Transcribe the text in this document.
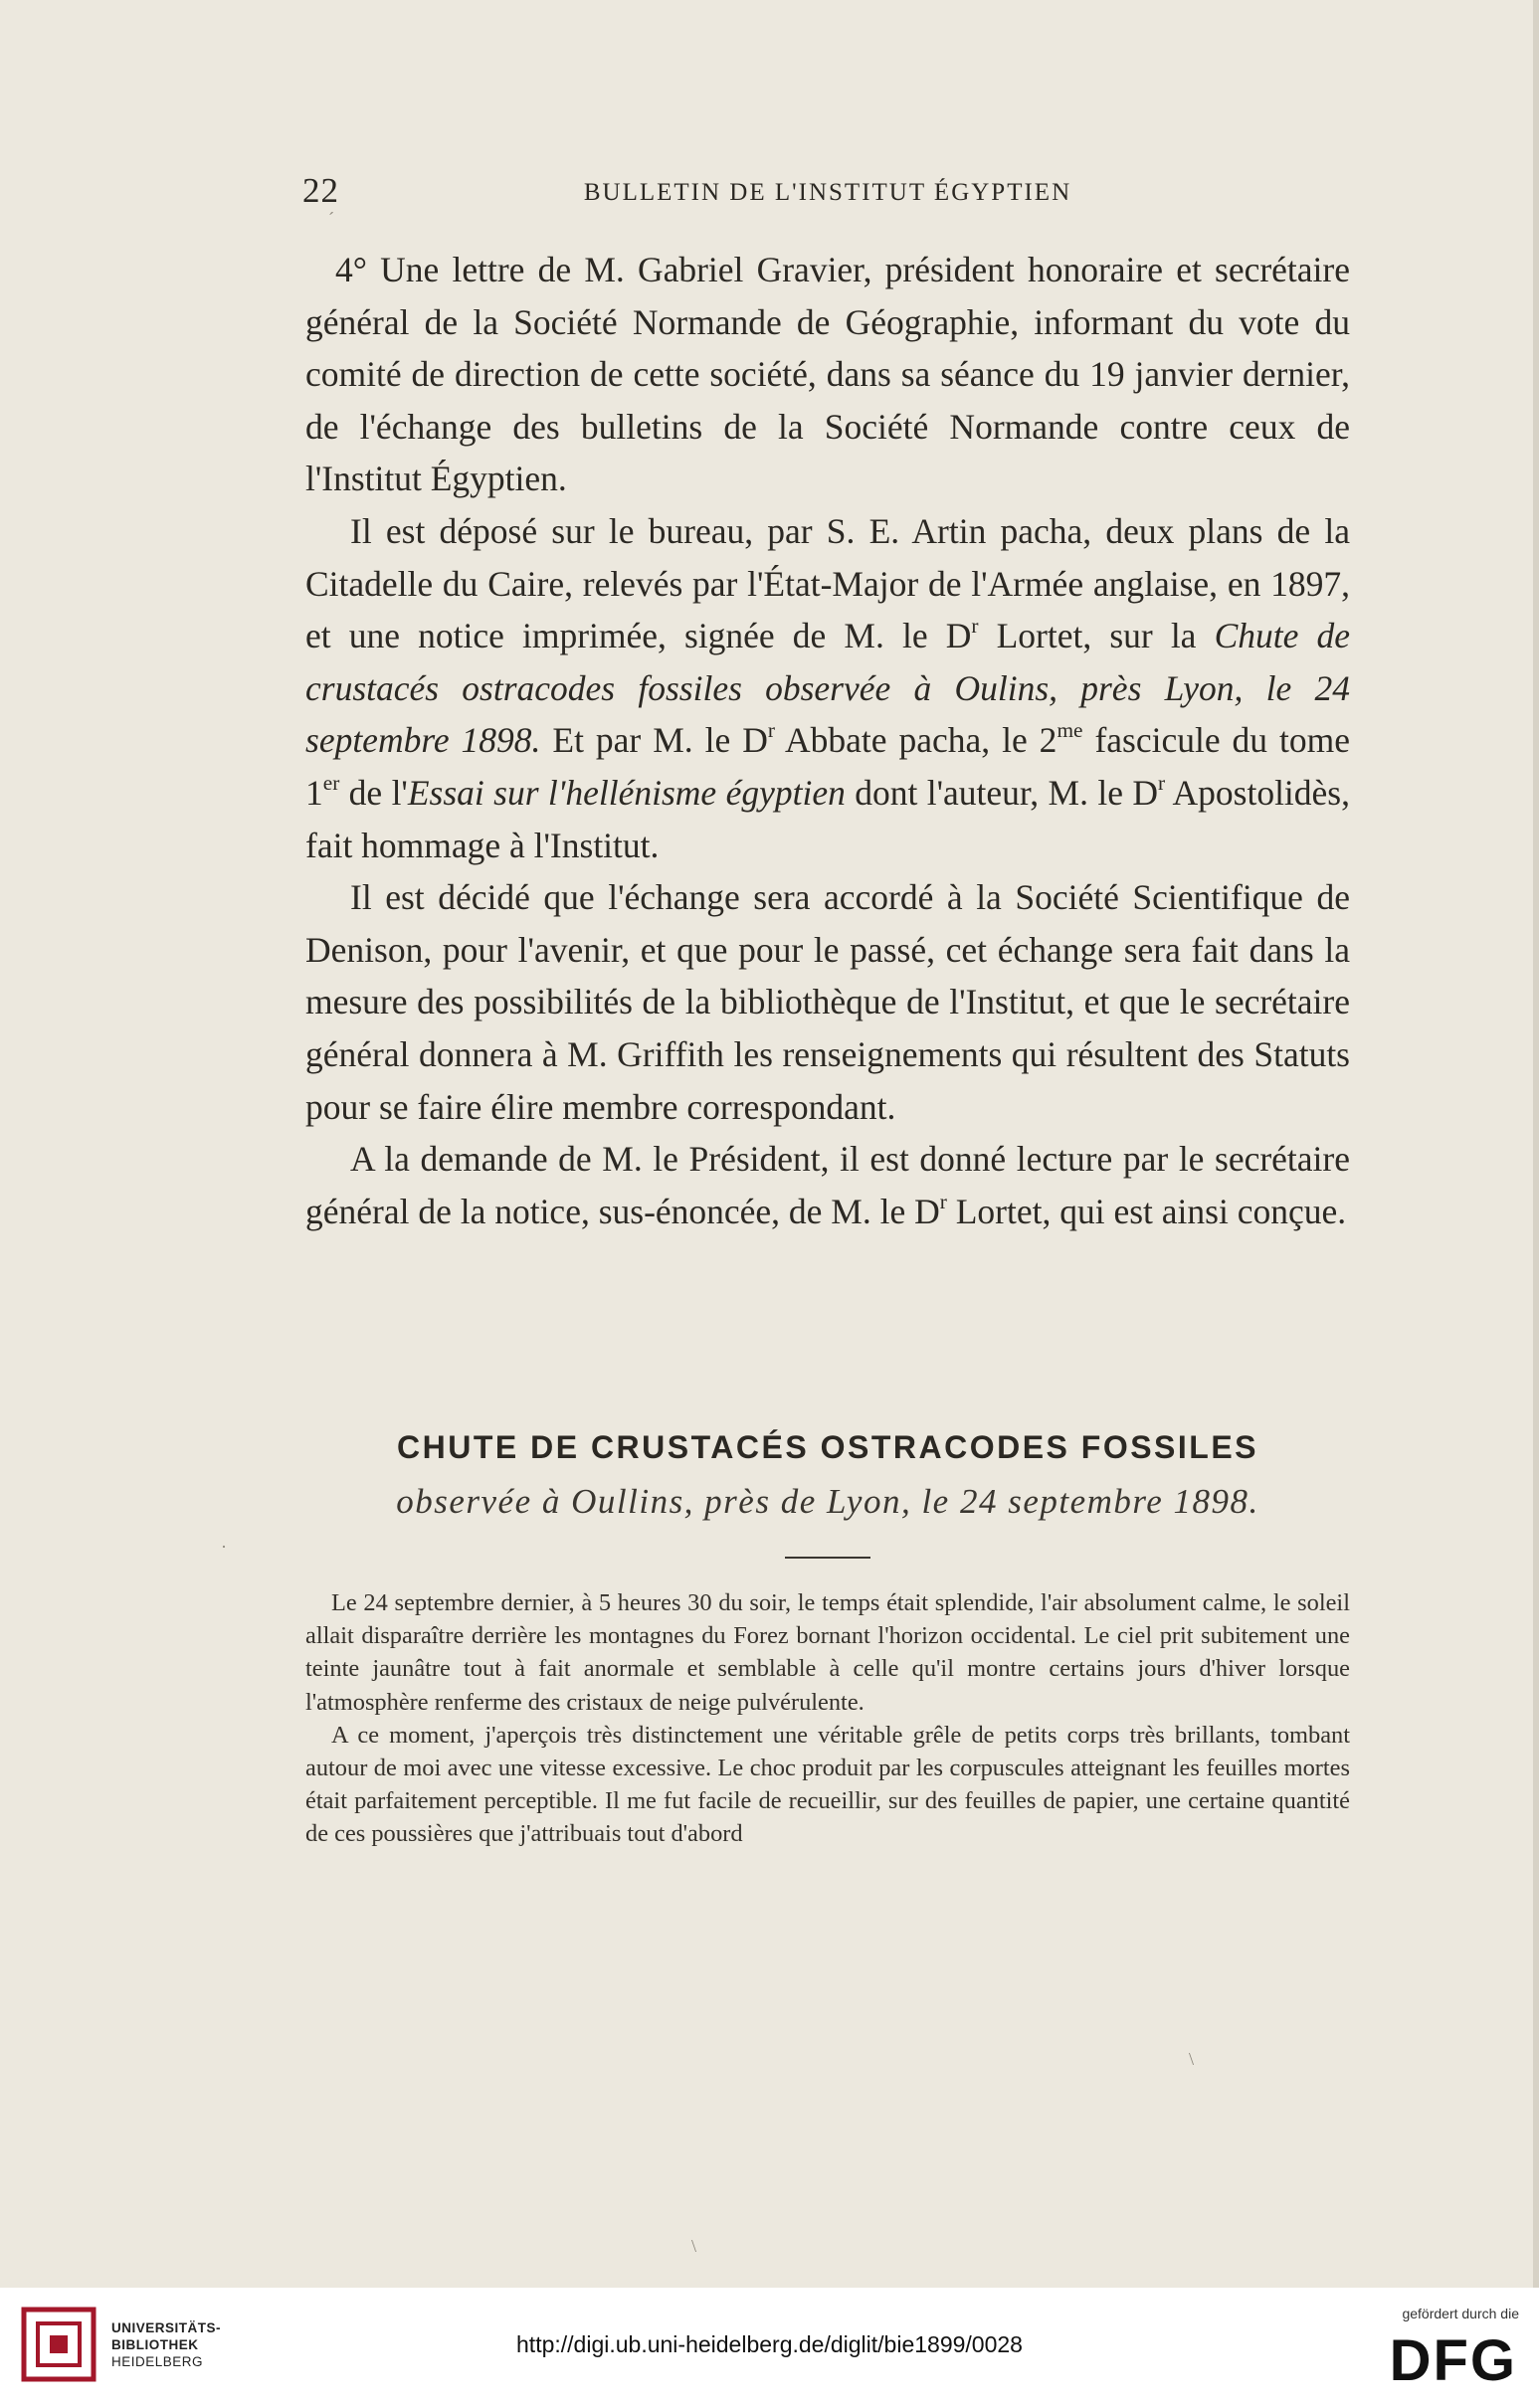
22	BULLETIN DE L'INSTITUT ÉGYPTIEN

4° Une lettre de M. Gabriel Gravier, président honoraire et secrétaire général de la Société Normande de Géographie, informant du vote du comité de direction de cette société, dans sa séance du 19 janvier dernier, de l'échange des bulletins de la Société Normande contre ceux de l'Institut Égyptien.

Il est déposé sur le bureau, par S. E. Artin pacha, deux plans de la Citadelle du Caire, relevés par l'État-Major de l'Armée anglaise, en 1897, et une notice imprimée, signée de M. le $D^r$ Lortet, sur la Chute de crustacés ostracodes fossiles observée à Oulins, près Lyon, le 24 septembre 1898. Et par M. le $D^r$ Abbate pacha, le $2^{me}$ fascicule du tome 1er de l'Essai sur l'hellénisme égyptien dont l'auteur, M. le $D^r$ Apostolidès, fait hommage à l'Institut.

Il est décidé que l'échange sera accordé à la Société Scientifique de Denison, pour l'avenir, et que pour le passé, cet échange sera fait dans la mesure des possibilités de la bibliothèque de l'Institut, et que le secrétaire général donnera à M. Griffith les renseignements qui résultent des Statuts pour se faire élire membre correspondant.

A la demande de M. le Président, il est donné lecture par le secrétaire général de la notice, sus-énoncée, de M. le $D^r$ Lortet, qui est ainsi conçue.

CHUTE DE CRUSTACÉS OSTRACODES FOSSILES

observée à Oullins, près de Lyon, le 24 septembre 1898.

Le 24 septembre dernier, à 5 heures 30 du soir, le temps était splendide, l'air absolument calme, le soleil allait disparaître derrière les montagnes du Forez bornant l'horizon occidental. Le ciel prit subitement une teinte jaunâtre tout à fait anormale et semblable à celle qu'il montre certains jours d'hiver lorsque l'atmosphère renferme des cristaux de neige pulvérulente.

A ce moment, j'aperçois très distinctement une véritable grêle de petits corps très brillants, tombant autour de moi avec une vitesse excessive. Le choc produit par les corpuscules atteignant les feuilles mortes était parfaitement perceptible. Il me fut facile de recueillir, sur des feuilles de papier, une certaine quantité de ces poussières que j'attribuais tout d'abord

´
·
\
\
UNIVERSITÄTS-
BIBLIOTHEK
HEIDELBERG
http://digi.ub.uni-heidelberg.de/diglit/bie1899/0028
gefördert durch die
DFG
